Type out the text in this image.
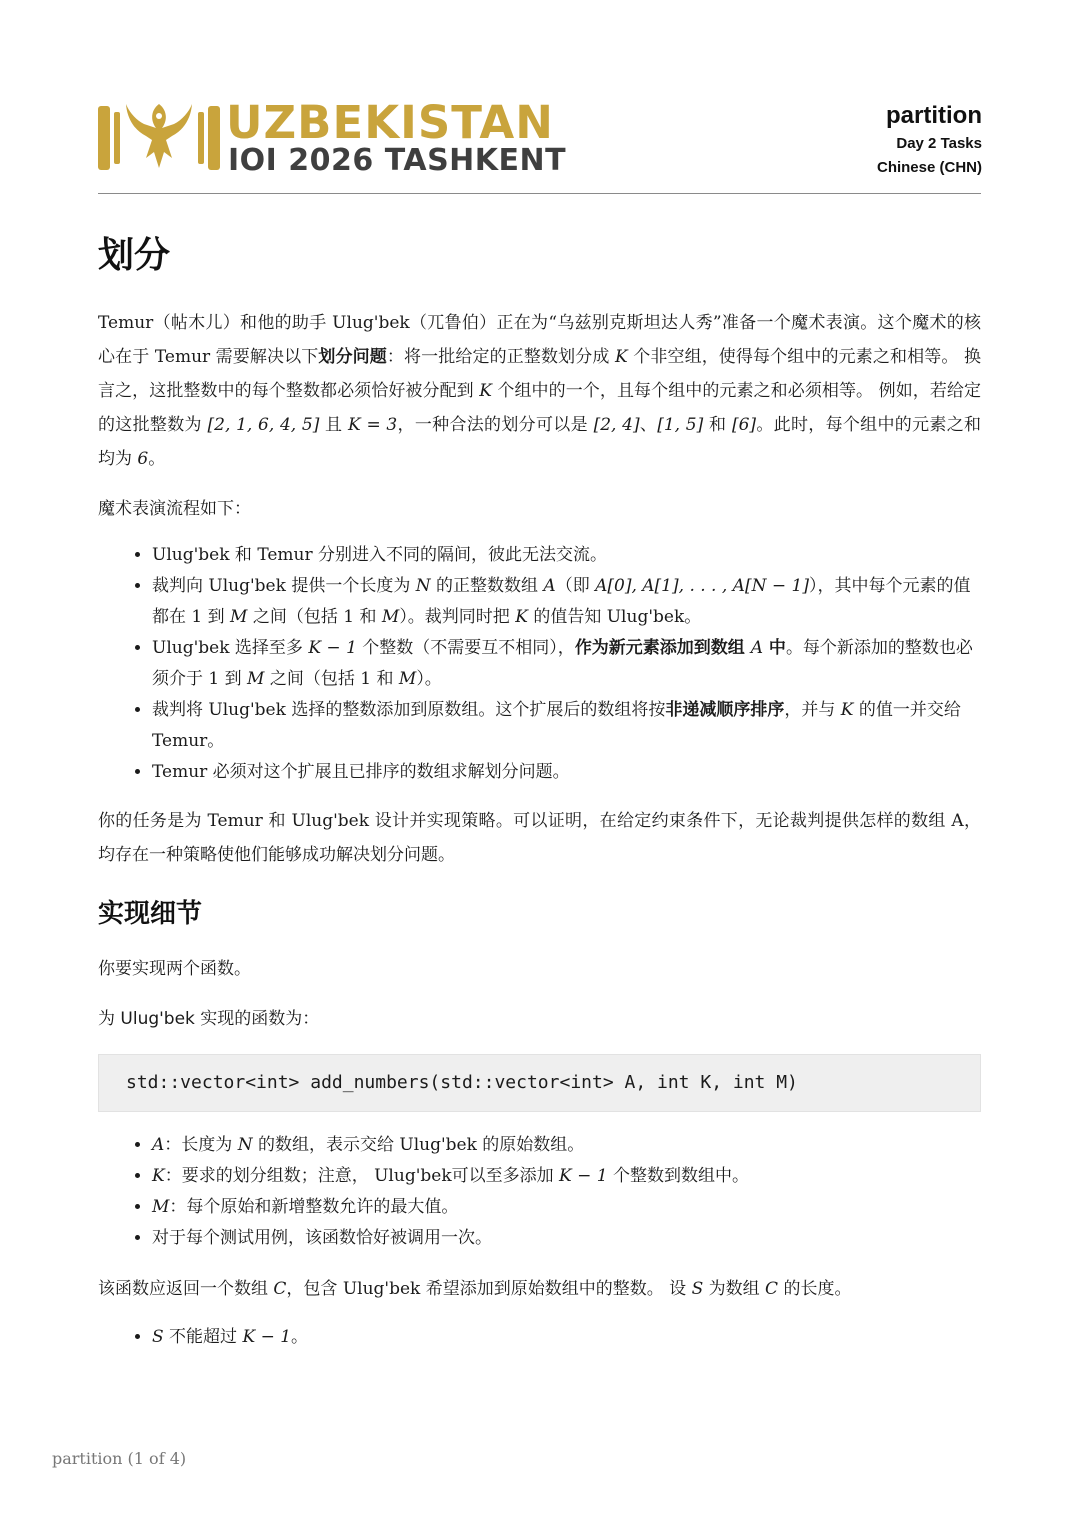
UZBEKISTAN
IOI 2026 TASHKENT
partition
Day 2 Tasks
Chinese (CHN)
划分

Temur（帖木儿）和他的助手 Ulug'bek（兀鲁伯）正在为“乌兹别克斯坦达人秀”准备一个魔术表演。这个魔术的核心在于 Temur 需要解决以下划分问题：将一批给定的正整数划分成 K 个非空组，使得每个组中的元素之和相等。 换言之，这批整数中的每个整数都必须恰好被分配到 K 个组中的一个，且每个组中的元素之和必须相等。 例如，若给定的这批整数为 [2, 1, 6, 4, 5] 且 K = 3，一种合法的划分可以是 [2, 4]、[1, 5] 和 [6]。此时，每个组中的元素之和均为 6。

魔术表演流程如下：

• Ulug'bek 和 Temur 分别进入不同的隔间，彼此无法交流。
• 裁判向 Ulug'bek 提供一个长度为 N 的正整数数组 A（即 A[0], A[1], . . . , A[N − 1]），其中每个元素的值都在 1 到 M 之间（包括 1 和 M）。裁判同时把 K 的值告知 Ulug'bek。
• Ulug'bek 选择至多 K − 1 个整数（不需要互不相同），作为新元素添加到数组 A 中。每个新添加的整数也必须介于 1 到 M 之间（包括 1 和 M）。
• 裁判将 Ulug'bek 选择的整数添加到原数组。这个扩展后的数组将按非递减顺序排序，并与 K 的值一并交给 Temur。
• Temur 必须对这个扩展且已排序的数组求解划分问题。

你的任务是为 Temur 和 Ulug'bek 设计并实现策略。可以证明，在给定约束条件下，无论裁判提供怎样的数组 A，均存在一种策略使他们能够成功解决划分问题。

实现细节

你要实现两个函数。

为 Ulug'bek 实现的函数为：

std::vector<int> add_numbers(std::vector<int> A, int K, int M)
• A：长度为 N 的数组，表示交给 Ulug'bek 的原始数组。
• K：要求的划分组数；注意， Ulug'bek可以至多添加 K − 1 个整数到数组中。
• M：每个原始和新增整数允许的最大值。
• 对于每个测试用例，该函数恰好被调用一次。

该函数应返回一个数组 C，包含 Ulug'bek 希望添加到原始数组中的整数。 设 S 为数组 C 的长度。

• S 不能超过 K − 1。
partition (1 of 4)
